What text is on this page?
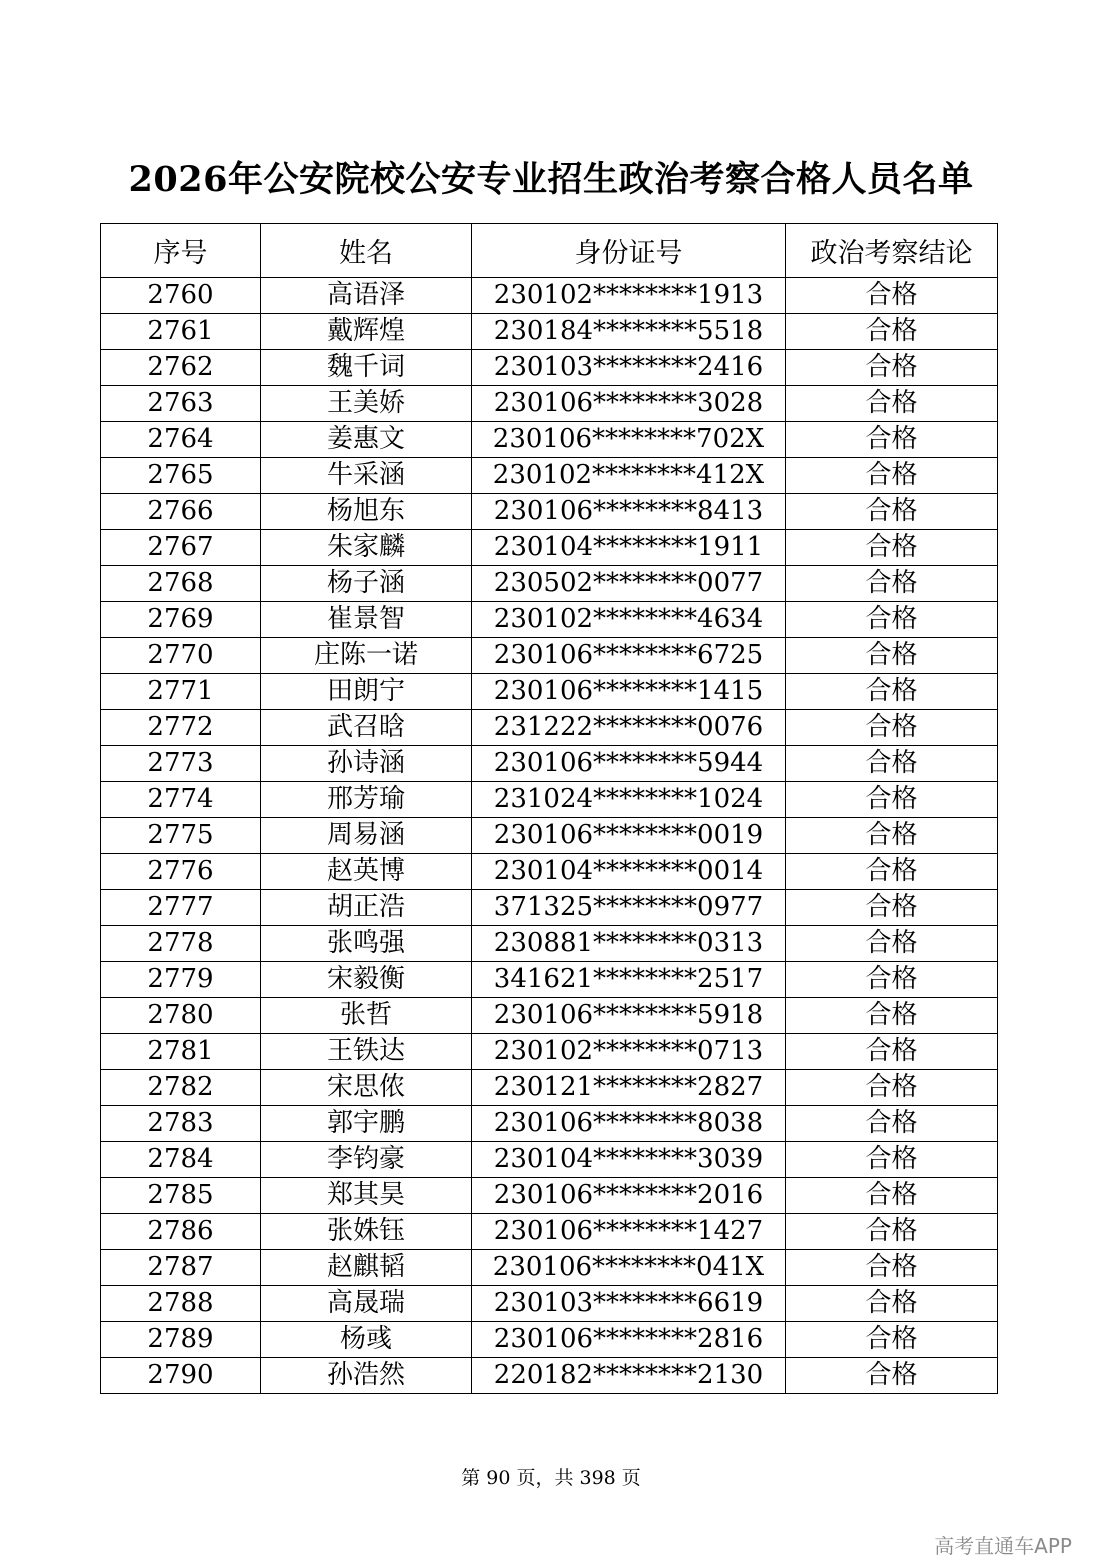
2026年公安院校公安专业招生政治考察合格人员名单
序号	姓名	身份证号	政治考察结论
2760	高语泽	230102********1913	合格
2761	戴辉煌	230184********5518	合格
2762	魏千词	230103********2416	合格
2763	王美娇	230106********3028	合格
2764	姜惠文	230106********702X	合格
2765	牛采涵	230102********412X	合格
2766	杨旭东	230106********8413	合格
2767	朱家麟	230104********1911	合格
2768	杨子涵	230502********0077	合格
2769	崔景智	230102********4634	合格
2770	庄陈一诺	230106********6725	合格
2771	田朗宁	230106********1415	合格
2772	武召晗	231222********0076	合格
2773	孙诗涵	230106********5944	合格
2774	邢芳瑜	231024********1024	合格
2775	周易涵	230106********0019	合格
2776	赵英博	230104********0014	合格
2777	胡正浩	371325********0977	合格
2778	张鸣强	230881********0313	合格
2779	宋毅衡	341621********2517	合格
2780	张哲	230106********5918	合格
2781	王铁达	230102********0713	合格
2782	宋思侬	230121********2827	合格
2783	郭宇鹏	230106********8038	合格
2784	李钧豪	230104********3039	合格
2785	郑其昊	230106********2016	合格
2786	张姝钰	230106********1427	合格
2787	赵麒韬	230106********041X	合格
2788	高晟瑞	230103********6619	合格
2789	杨彧	230106********2816	合格
2790	孙浩然	220182********2130	合格
第 90 页，共 398 页
高考直通车APP
